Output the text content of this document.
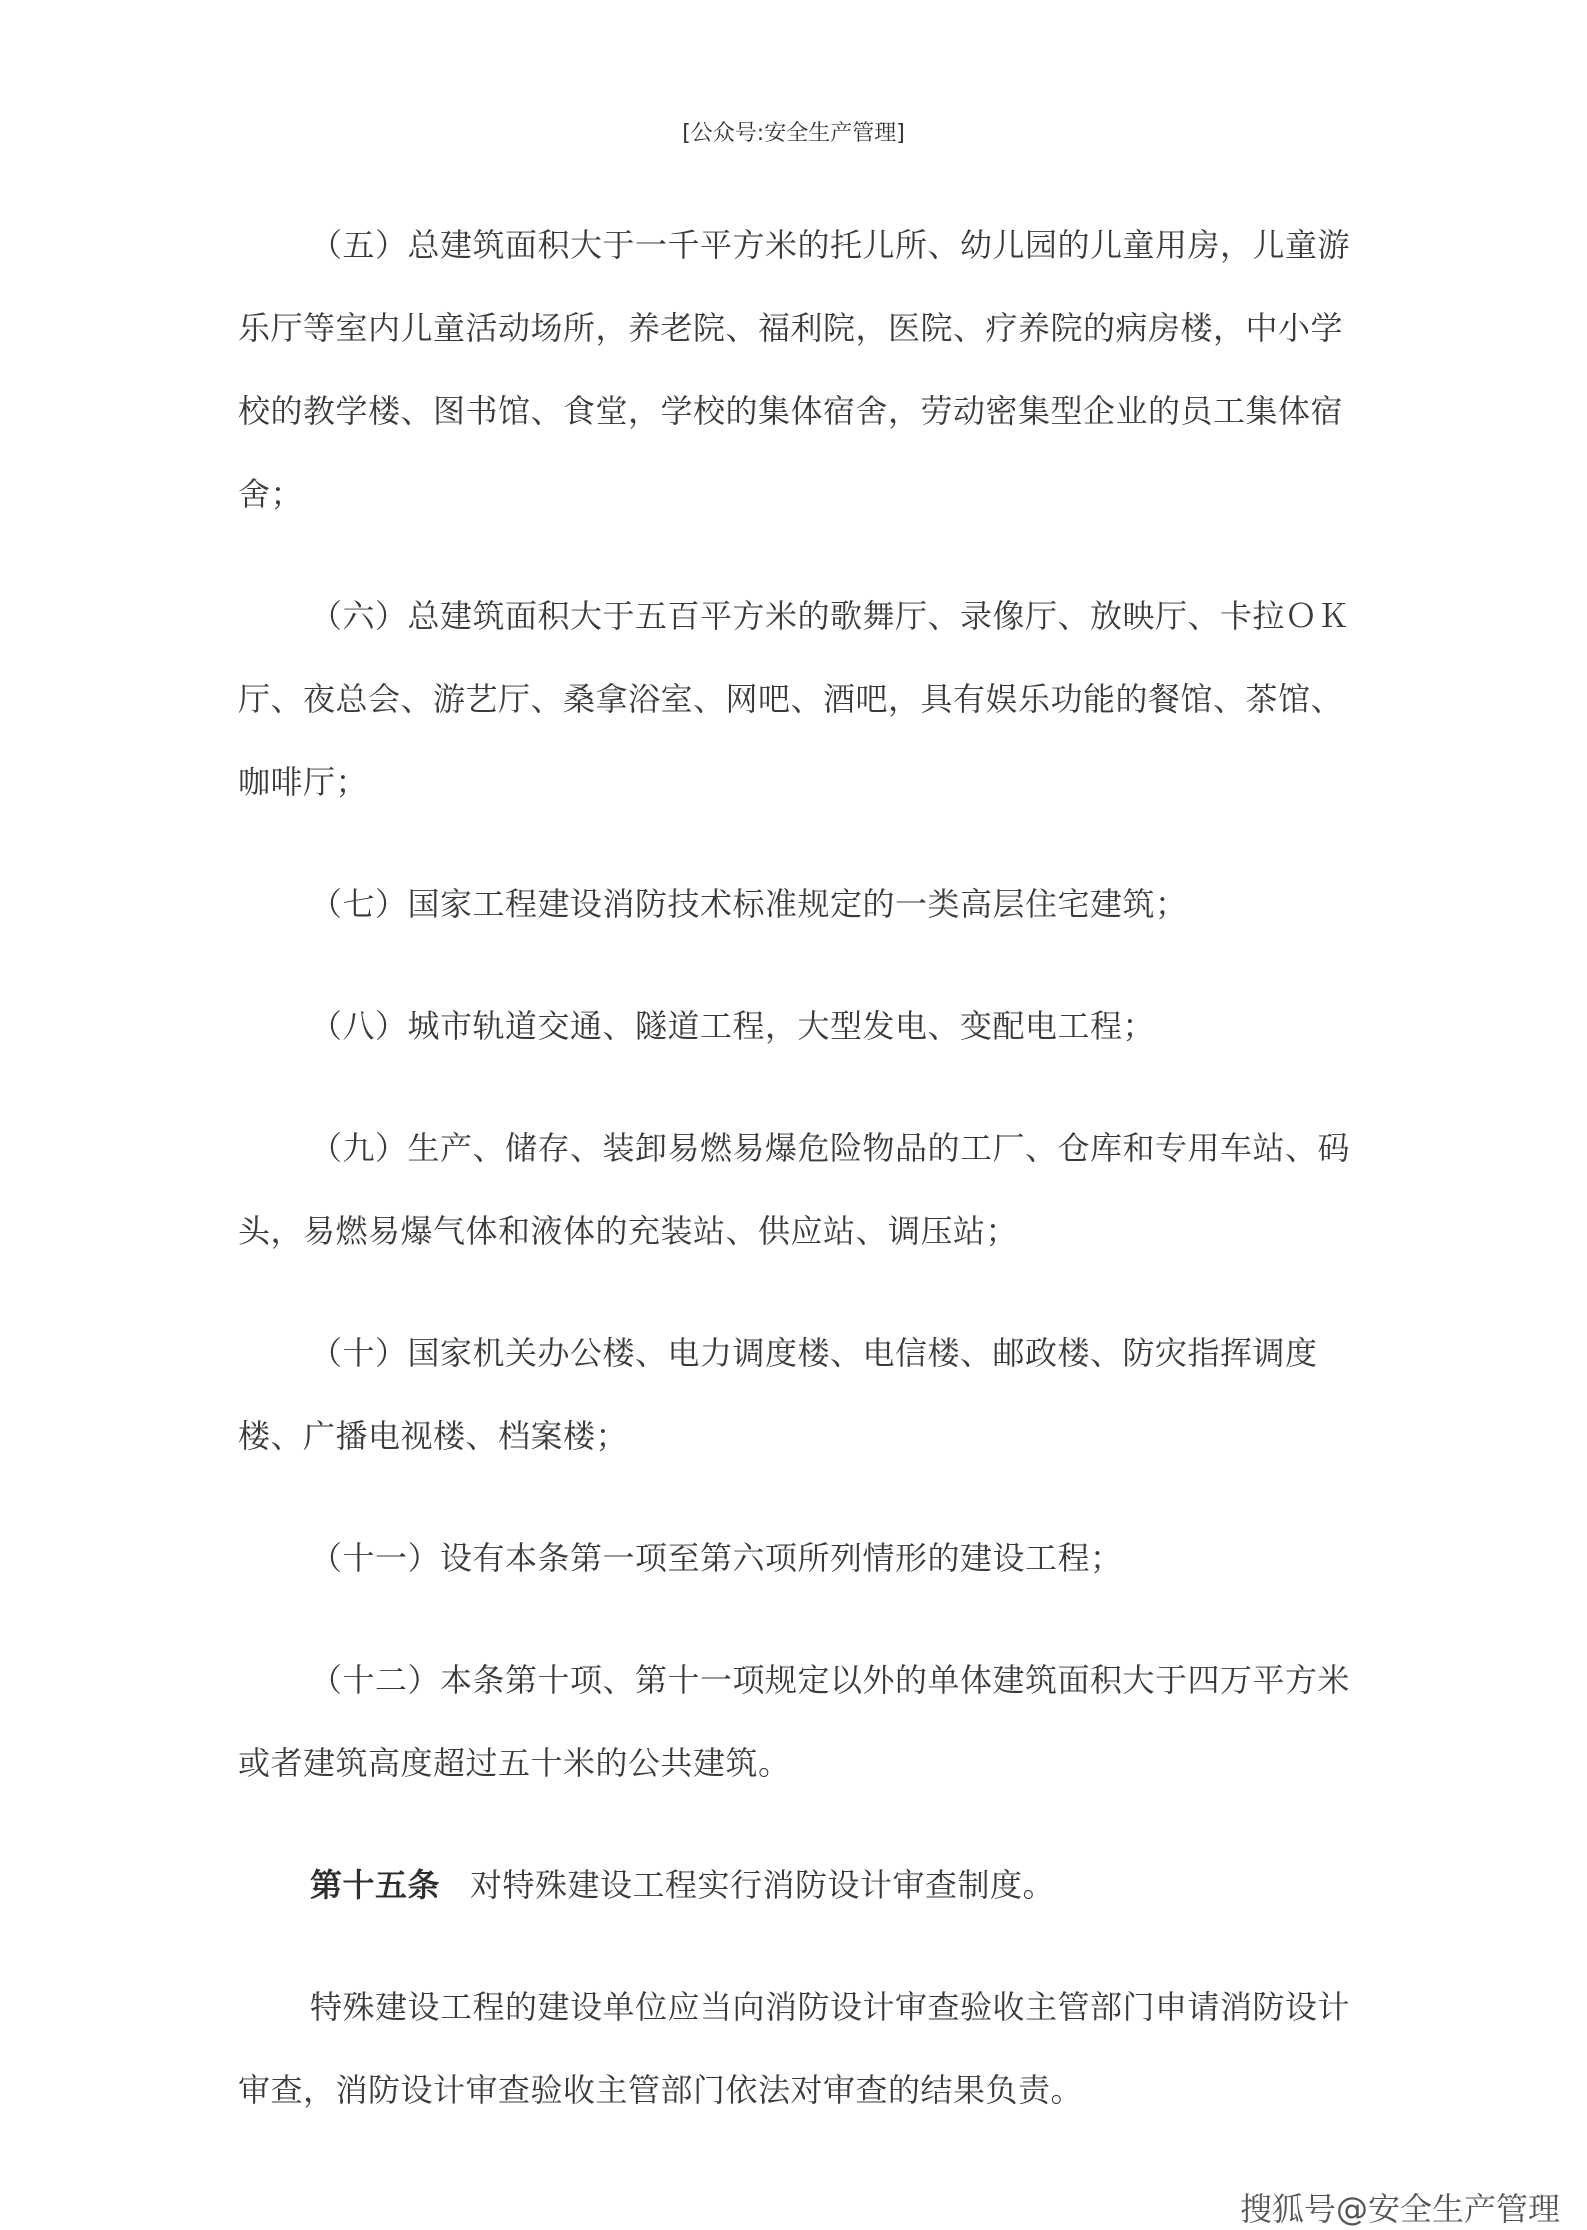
[公众号:安全生产管理]

（五）总建筑面积大于一千平方米的托儿所、幼儿园的儿童用房，儿童游乐厅等室内儿童活动场所，养老院、福利院，医院、疗养院的病房楼，中小学校的教学楼、图书馆、食堂，学校的集体宿舍，劳动密集型企业的员工集体宿舍；

（六）总建筑面积大于五百平方米的歌舞厅、录像厅、放映厅、卡拉ＯＫ厅、夜总会、游艺厅、桑拿浴室、网吧、酒吧，具有娱乐功能的餐馆、茶馆、咖啡厅；

（七）国家工程建设消防技术标准规定的一类高层住宅建筑；

（八）城市轨道交通、隧道工程，大型发电、变配电工程；

（九）生产、储存、装卸易燃易爆危险物品的工厂、仓库和专用车站、码头，易燃易爆气体和液体的充装站、供应站、调压站；

（十）国家机关办公楼、电力调度楼、电信楼、邮政楼、防灾指挥调度楼、广播电视楼、档案楼；

（十一）设有本条第一项至第六项所列情形的建设工程；

（十二）本条第十项、第十一项规定以外的单体建筑面积大于四万平方米或者建筑高度超过五十米的公共建筑。

第十五条 对特殊建设工程实行消防设计审查制度。

特殊建设工程的建设单位应当向消防设计审查验收主管部门申请消防设计审查，消防设计审查验收主管部门依法对审查的结果负责。

搜狐号@安全生产管理
